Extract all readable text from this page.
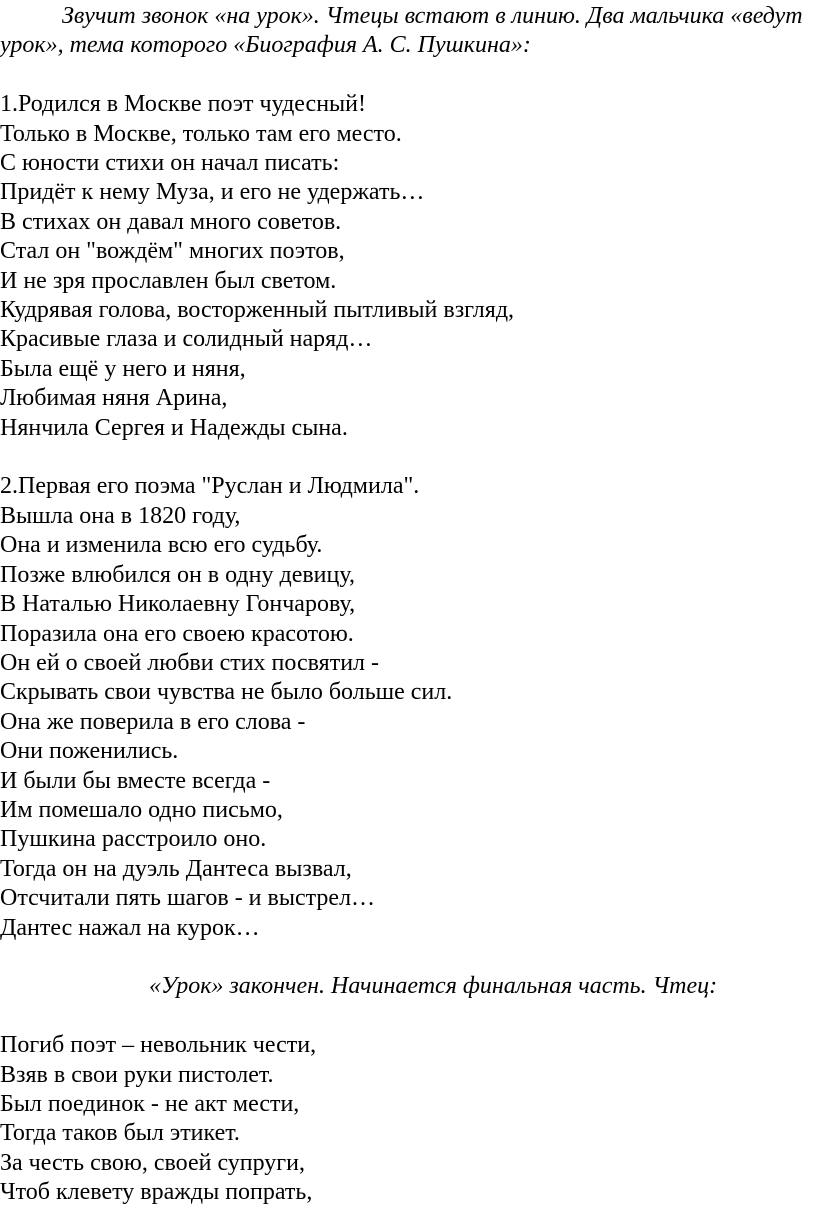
Звучит звонок «на урок». Чтецы встают в линию. Два мальчика «ведут
урок», тема которого «Биография А. С. Пушкина»:

1.Родился в Москве поэт чудесный!
Только в Москве, только там его место.
С юности стихи он начал писать:
Придёт к нему Муза, и его не удержать…
В стихах он давал много советов.
Стал он "вождём" многих поэтов,
И не зря прославлен был светом.
Кудрявая голова, восторженный пытливый взгляд,
Красивые глаза и солидный наряд…
Была ещё у него и няня,
Любимая няня Арина,
Нянчила Сергея и Надежды сына.
2.Первая его поэма "Руслан и Людмила".
Вышла она в 1820 году,
Она и изменила всю его судьбу.
Позже влюбился он в одну девицу,
В Наталью Николаевну Гончарову,
Поразила она его своею красотою.
Он ей о своей любви стих посвятил -
Скрывать свои чувства не было больше сил.
Она же поверила в его слова -
Они поженились.
И были бы вместе всегда -
Им помешало одно письмо,
Пушкина расстроило оно.
Тогда он на дуэль Дантеса вызвал,
Отсчитали пять шагов - и выстрел…
Дантес нажал на курок…

«Урок» закончен. Начинается финальная часть. Чтец:

Погиб поэт – невольник чести,
Взяв в свои руки пистолет.
Был поединок - не акт мести,
Тогда таков был этикет.
За честь свою, своей супруги,
Чтоб клевету вражды попрать,
